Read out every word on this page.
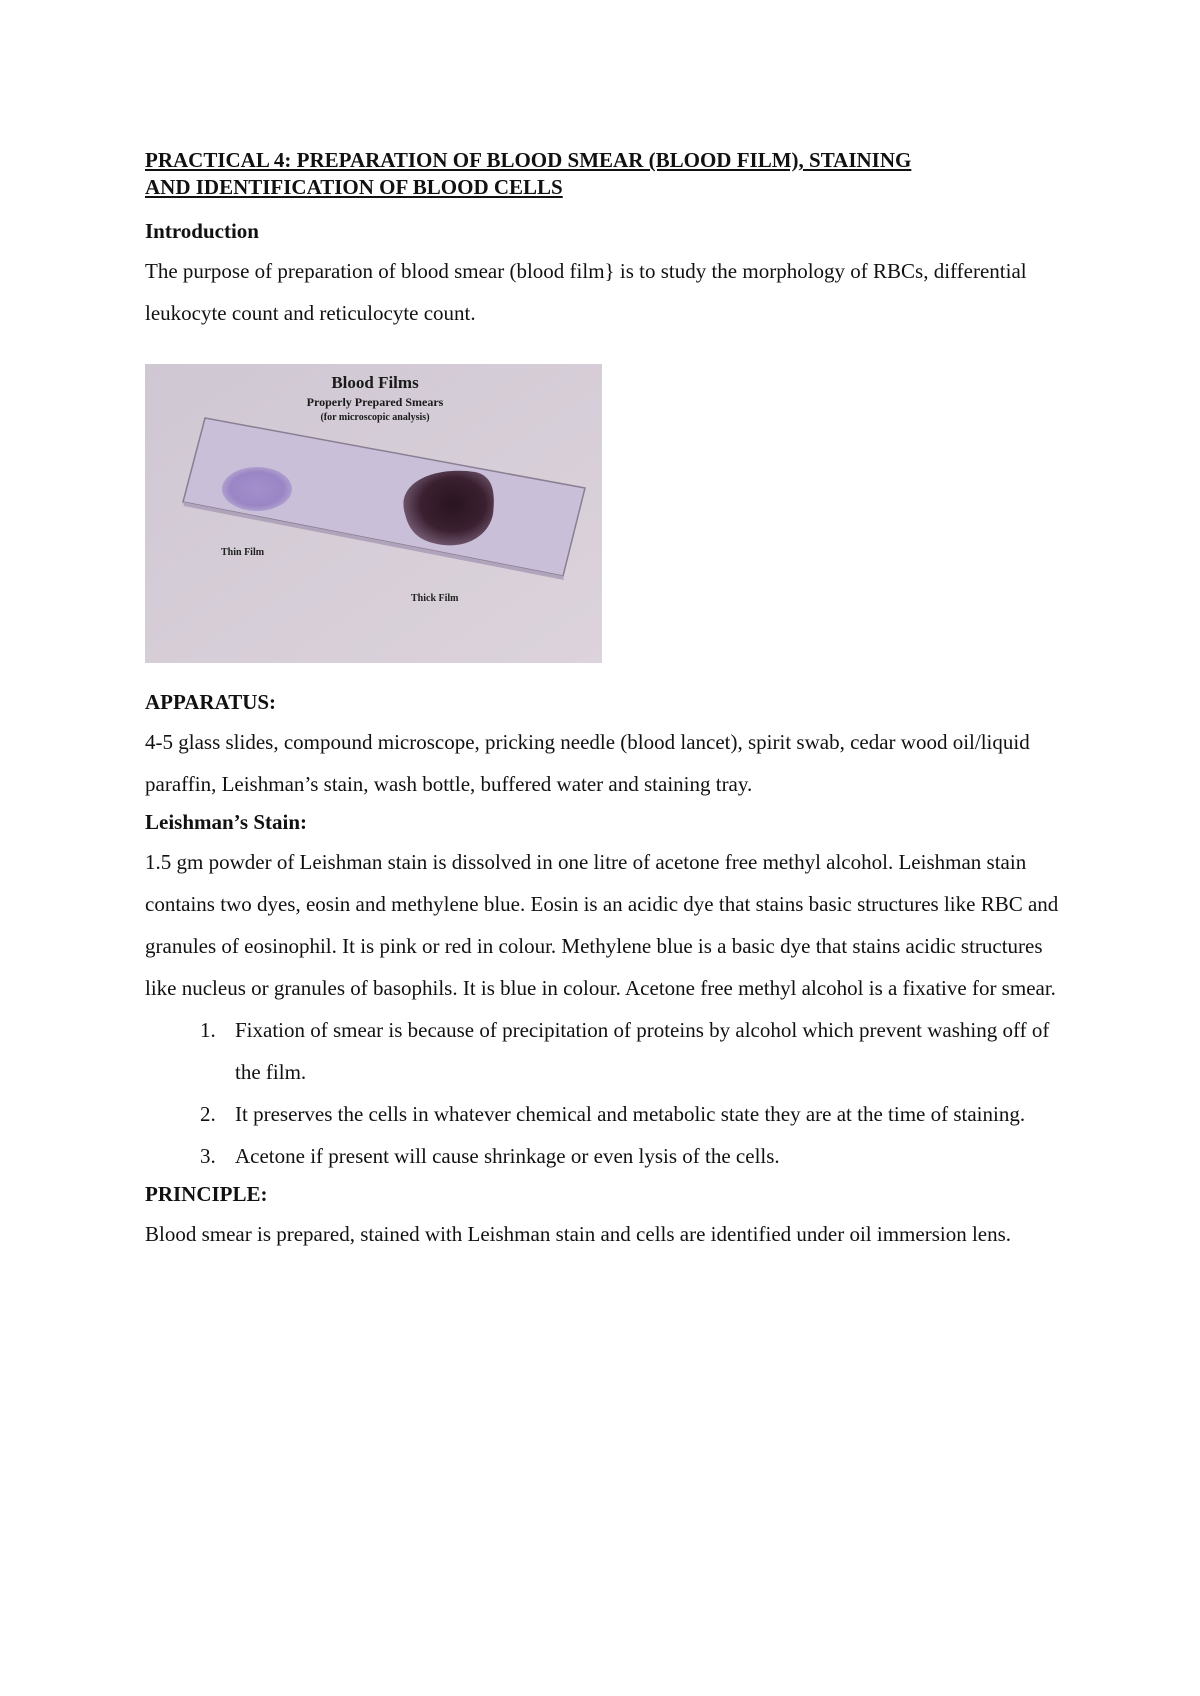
PRACTICAL 4: PREPARATION OF BLOOD SMEAR (BLOOD FILM), STAINING
AND IDENTIFICATION OF BLOOD CELLS

Introduction

The purpose of preparation of blood smear (blood film} is to study the morphology of RBCs, differential leukocyte count and reticulocyte count.

Blood Films
Properly Prepared Smears
(for microscopic analysis)
Thin Film
Thick Film

APPARATUS:

4-5 glass slides, compound microscope, pricking needle (blood lancet), spirit swab, cedar wood oil/liquid paraffin, Leishman’s stain, wash bottle, buffered water and staining tray.

Leishman’s Stain:

1.5 gm powder of Leishman stain is dissolved in one litre of acetone free methyl alcohol. Leishman stain contains two dyes, eosin and methylene blue. Eosin is an acidic dye that stains basic structures like RBC and granules of eosinophil. It is pink or red in colour. Methylene blue is a basic dye that stains acidic structures like nucleus or granules of basophils. It is blue in colour. Acetone free methyl alcohol is a fixative for smear.

1. Fixation of smear is because of precipitation of proteins by alcohol which prevent washing off of the film.
2. It preserves the cells in whatever chemical and metabolic state they are at the time of staining.
3. Acetone if present will cause shrinkage or even lysis of the cells.

PRINCIPLE:

Blood smear is prepared, stained with Leishman stain and cells are identified under oil immersion lens.
